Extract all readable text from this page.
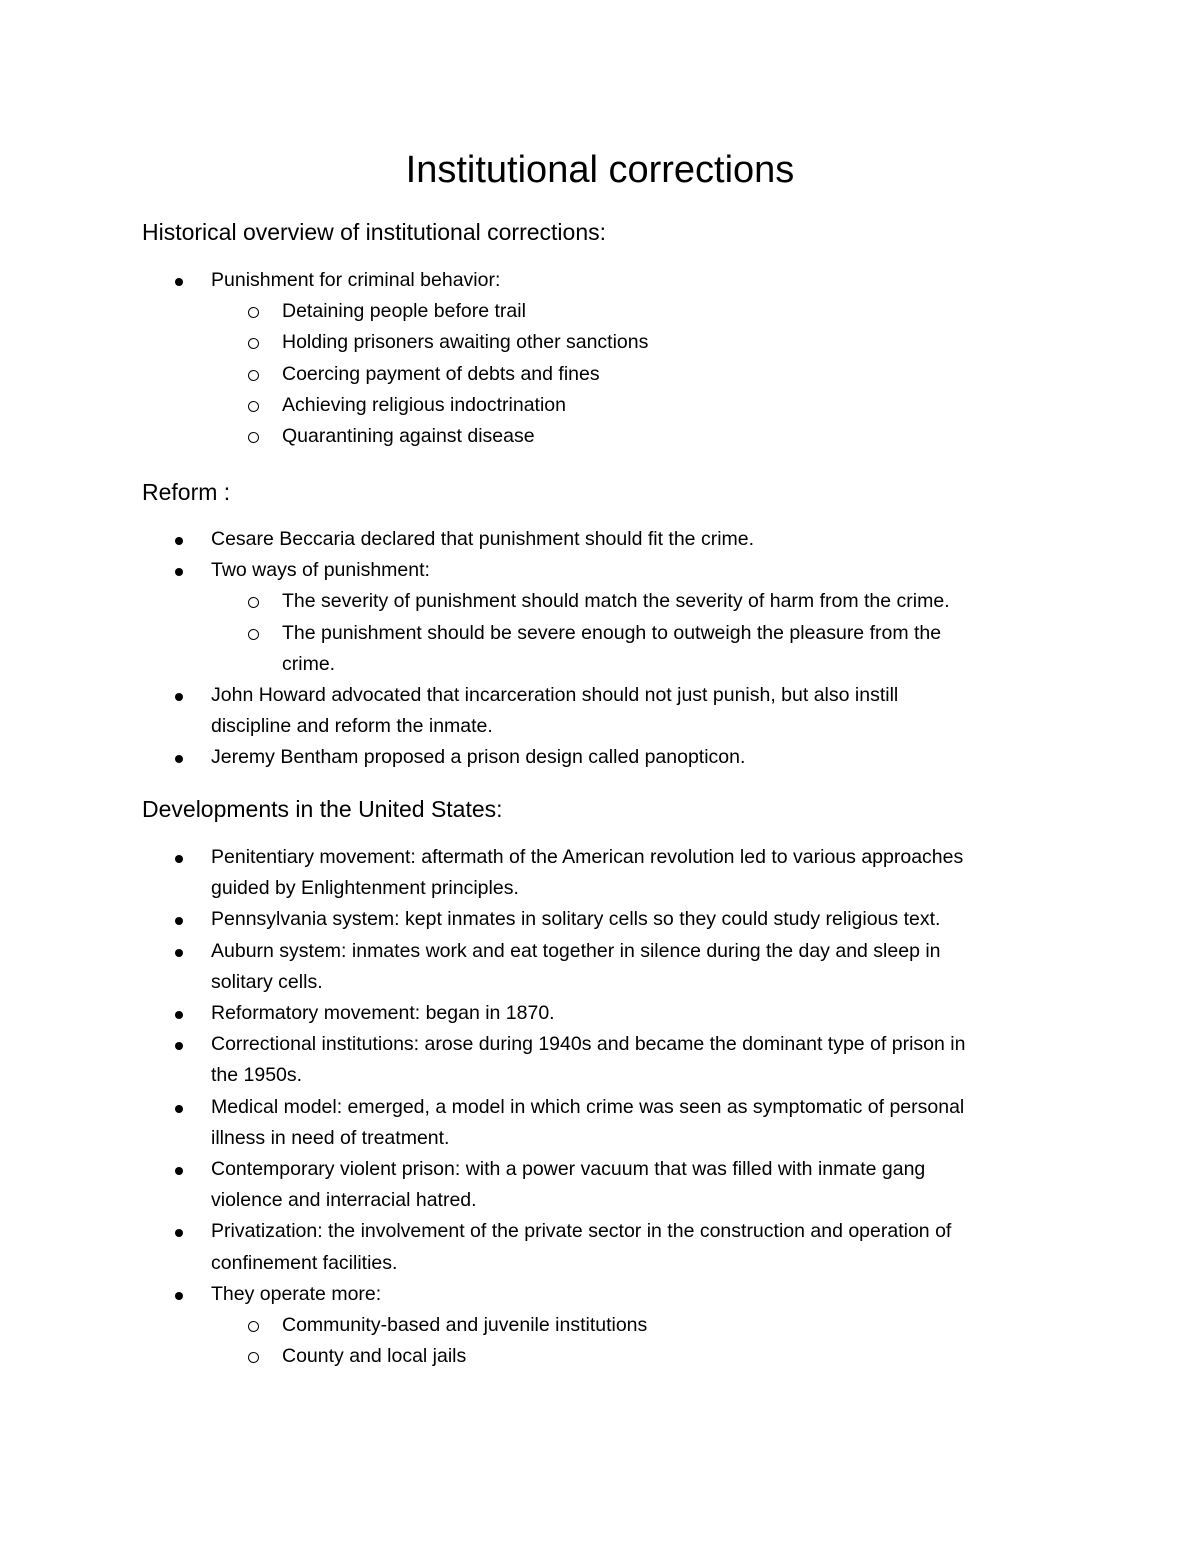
Institutional corrections
Historical overview of institutional corrections:
Punishment for criminal behavior:
Detaining people before trail
Holding prisoners awaiting other sanctions
Coercing payment of debts and fines
Achieving religious indoctrination
Quarantining against disease
Reform :
Cesare Beccaria declared that punishment should fit the crime.
Two ways of punishment:
The severity of punishment should match the severity of harm from the crime.
The punishment should be severe enough to outweigh the pleasure from the
crime.
John Howard advocated that incarceration should not just punish, but also instill
discipline and reform the inmate.
Jeremy Bentham proposed a prison design called panopticon.
Developments in the United States:
Penitentiary movement: aftermath of the American revolution led to various approaches
guided by Enlightenment principles.
Pennsylvania system: kept inmates in solitary cells so they could study religious text.
Auburn system: inmates work and eat together in silence during the day and sleep in
solitary cells.
Reformatory movement: began in 1870.
Correctional institutions: arose during 1940s and became the dominant type of prison in
the 1950s.
Medical model: emerged, a model in which crime was seen as symptomatic of personal
illness in need of treatment.
Contemporary violent prison: with a power vacuum that was filled with inmate gang
violence and interracial hatred.
Privatization: the involvement of the private sector in the construction and operation of
confinement facilities.
They operate more:
Community-based and juvenile institutions
County and local jails
